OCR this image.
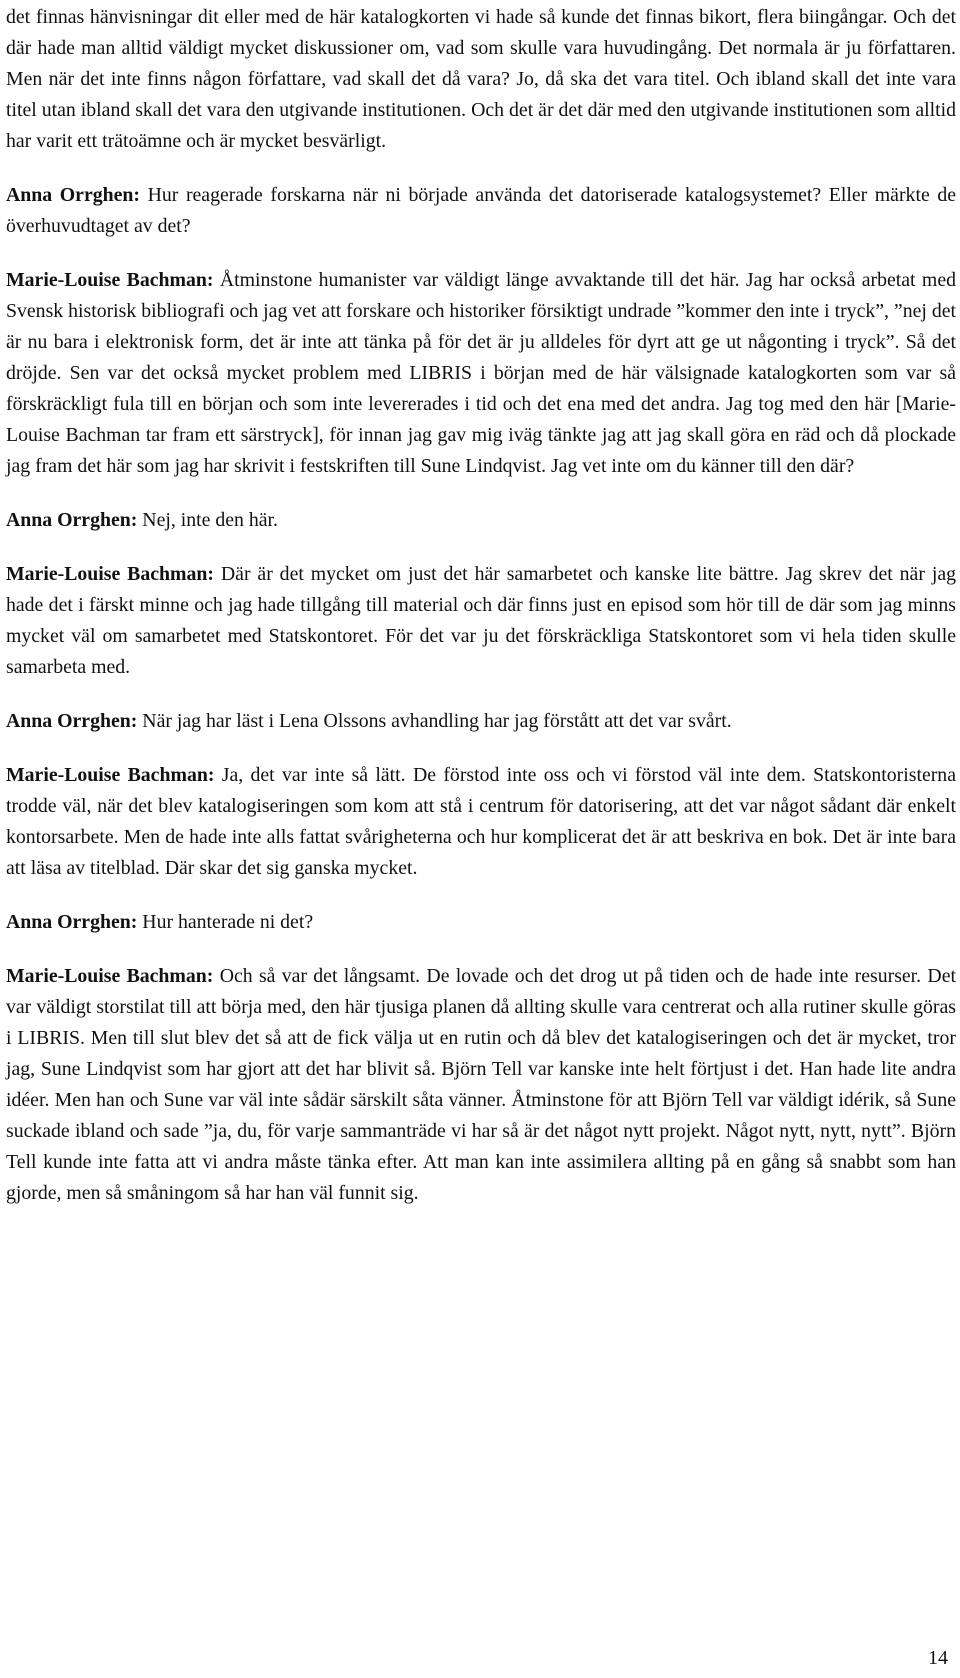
det finnas hänvisningar dit eller med de här katalogkorten vi hade så kunde det finnas bikort, flera biingångar. Och det där hade man alltid väldigt mycket diskussioner om, vad som skulle vara huvudingång. Det normala är ju författaren. Men när det inte finns någon författare, vad skall det då vara? Jo, då ska det vara titel. Och ibland skall det inte vara titel utan ibland skall det vara den utgivande institutionen. Och det är det där med den utgivande institutionen som alltid har varit ett trätoämne och är mycket besvärligt.

Anna Orrghen: Hur reagerade forskarna när ni började använda det datoriserade katalogsystemet? Eller märkte de överhuvudtaget av det?

Marie-Louise Bachman: Åtminstone humanister var väldigt länge avvaktande till det här. Jag har också arbetat med Svensk historisk bibliografi och jag vet att forskare och historiker försiktigt undrade ”kommer den inte i tryck”, ”nej det är nu bara i elektronisk form, det är inte att tänka på för det är ju alldeles för dyrt att ge ut någonting i tryck”. Så det dröjde. Sen var det också mycket problem med LIBRIS i början med de här välsignade katalogkorten som var så förskräckligt fula till en början och som inte levererades i tid och det ena med det andra. Jag tog med den här [Marie-Louise Bachman tar fram ett särstryck], för innan jag gav mig iväg tänkte jag att jag skall göra en räd och då plockade jag fram det här som jag har skrivit i festskriften till Sune Lindqvist. Jag vet inte om du känner till den där?

Anna Orrghen: Nej, inte den här.

Marie-Louise Bachman: Där är det mycket om just det här samarbetet och kanske lite bättre. Jag skrev det när jag hade det i färskt minne och jag hade tillgång till material och där finns just en episod som hör till de där som jag minns mycket väl om samarbetet med Statskontoret. För det var ju det förskräckliga Statskontoret som vi hela tiden skulle samarbeta med.

Anna Orrghen: När jag har läst i Lena Olssons avhandling har jag förstått att det var svårt.

Marie-Louise Bachman: Ja, det var inte så lätt. De förstod inte oss och vi förstod väl inte dem. Statskontoristerna trodde väl, när det blev katalogiseringen som kom att stå i centrum för datorisering, att det var något sådant där enkelt kontorsarbete. Men de hade inte alls fattat svårigheterna och hur komplicerat det är att beskriva en bok. Det är inte bara att läsa av titelblad. Där skar det sig ganska mycket.

Anna Orrghen: Hur hanterade ni det?

Marie-Louise Bachman: Och så var det långsamt. De lovade och det drog ut på tiden och de hade inte resurser. Det var väldigt storstilat till att börja med, den här tjusiga planen då allting skulle vara centrerat och alla rutiner skulle göras i LIBRIS. Men till slut blev det så att de fick välja ut en rutin och då blev det katalogiseringen och det är mycket, tror jag, Sune Lindqvist som har gjort att det har blivit så. Björn Tell var kanske inte helt förtjust i det. Han hade lite andra idéer. Men han och Sune var väl inte sådär särskilt såta vänner. Åtminstone för att Björn Tell var väldigt idérik, så Sune suckade ibland och sade ”ja, du, för varje sammanträde vi har så är det något nytt projekt. Något nytt, nytt, nytt”. Björn Tell kunde inte fatta att vi andra måste tänka efter. Att man kan inte assimilera allting på en gång så snabbt som han gjorde, men så småningom så har han väl funnit sig.

14
